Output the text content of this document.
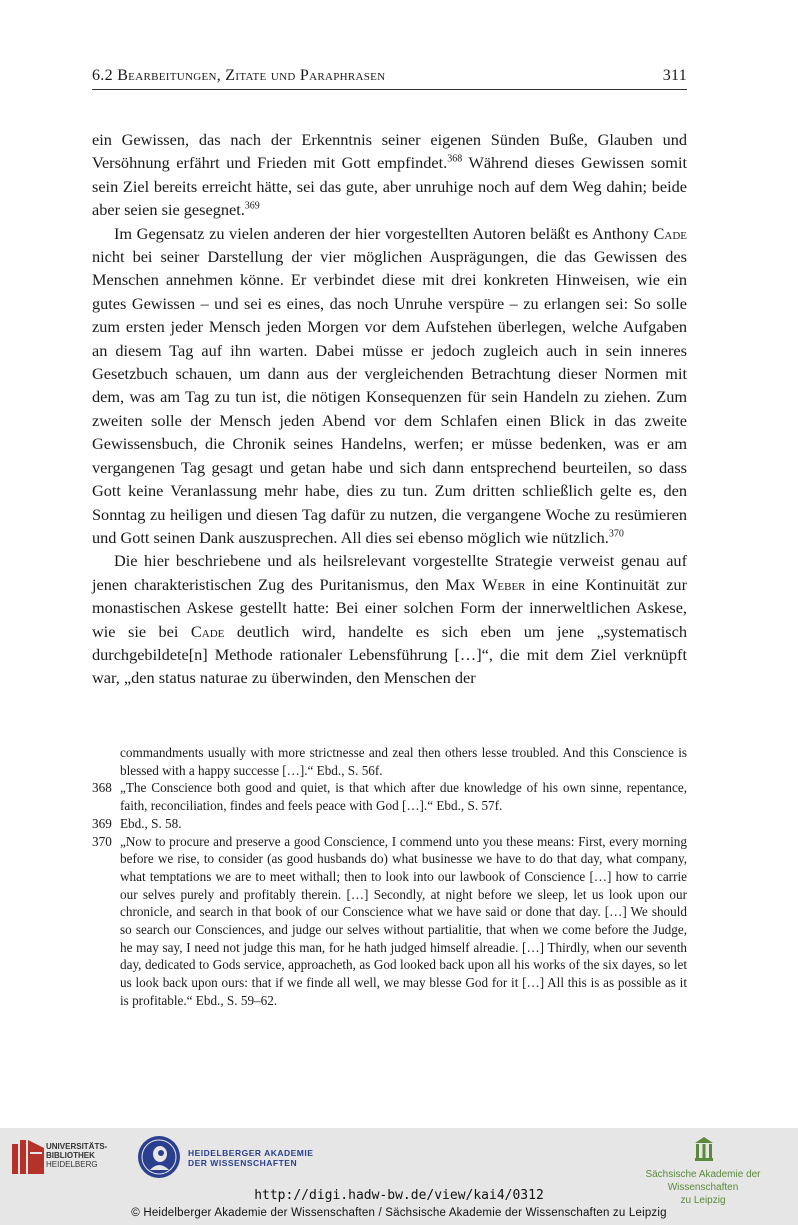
6.2 Bearbeitungen, Zitate und Paraphrasen	311

ein Gewissen, das nach der Erkenntnis seiner eigenen Sünden Buße, Glauben und Versöhnung erfährt und Frieden mit Gott empfindet.$^{368}$ Während dieses Gewissen somit sein Ziel bereits erreicht hätte, sei das gute, aber unruhige noch auf dem Weg dahin; beide aber seien sie gesegnet.$^{369}$

Im Gegensatz zu vielen anderen der hier vorgestellten Autoren beläßt es Anthony Cade nicht bei seiner Darstellung der vier möglichen Ausprägungen, die das Gewissen des Menschen annehmen könne. Er verbindet diese mit drei konkreten Hinweisen, wie ein gutes Gewissen – und sei es eines, das noch Unruhe verspüre – zu erlangen sei: So solle zum ersten jeder Mensch jeden Morgen vor dem Aufstehen überlegen, welche Aufgaben an diesem Tag auf ihn warten. Dabei müsse er jedoch zugleich auch in sein inneres Gesetzbuch schauen, um dann aus der vergleichenden Betrachtung dieser Normen mit dem, was am Tag zu tun ist, die nötigen Konsequenzen für sein Handeln zu ziehen. Zum zweiten solle der Mensch jeden Abend vor dem Schlafen einen Blick in das zweite Gewissensbuch, die Chronik seines Handelns, werfen; er müsse bedenken, was er am vergangenen Tag gesagt und getan habe und sich dann entsprechend beurteilen, so dass Gott keine Veranlassung mehr habe, dies zu tun. Zum dritten schließlich gelte es, den Sonntag zu heiligen und diesen Tag dafür zu nutzen, die vergangene Woche zu resümieren und Gott seinen Dank auszusprechen. All dies sei ebenso möglich wie nützlich.$^{370}$

Die hier beschriebene und als heilsrelevant vorgestellte Strategie verweist genau auf jenen charakteristischen Zug des Puritanismus, den Max Weber in eine Kontinuität zur monastischen Askese gestellt hatte: Bei einer solchen Form der innerweltlichen Askese, wie sie bei Cade deutlich wird, handelte es sich eben um jene „systematisch durchgebildete[n] Methode rationaler Lebensführung […]“, die mit dem Ziel verknüpft war, „den status naturae zu überwinden, den Menschen der

commandments usually with more strictnesse and zeal then others lesse troubled. And this Conscience is blessed with a happy successe […].“ Ebd., S. 56f.
368 „The Conscience both good and quiet, is that which after due knowledge of his own sinne, repentance, faith, reconciliation, findes and feels peace with God […].“ Ebd., S. 57f.
369 Ebd., S. 58.
370 „Now to procure and preserve a good Conscience, I commend unto you these means: First, every morning before we rise, to consider (as good husbands do) what businesse we have to do that day, what company, what temptations we are to meet withall; then to look into our lawbook of Conscience […] how to carrie our selves purely and profitably therein. […] Secondly, at night before we sleep, let us look upon our chronicle, and search in that book of our Conscience what we have said or done that day. […] We should so search our Consciences, and judge our selves without partialitie, that when we come before the Judge, he may say, I need not judge this man, for he hath judged himself alreadie. […] Thirdly, when our seventh day, dedicated to Gods service, approacheth, as God looked back upon all his works of the six dayes, so let us look back upon ours: that if we finde all well, we may blesse God for it […] All this is as possible as it is profitable.“ Ebd., S. 59–62.
UNIVERSITÄTS-
BIBLIOTHEK
HEIDELBERG
HEIDELBERGER AKADEMIE
DER WISSENSCHAFTEN
Sächsische Akademie der Wissenschaften
zu Leipzig
http://digi.hadw-bw.de/view/kai4/0312
© Heidelberger Akademie der Wissenschaften / Sächsische Akademie der Wissenschaften zu Leipzig
